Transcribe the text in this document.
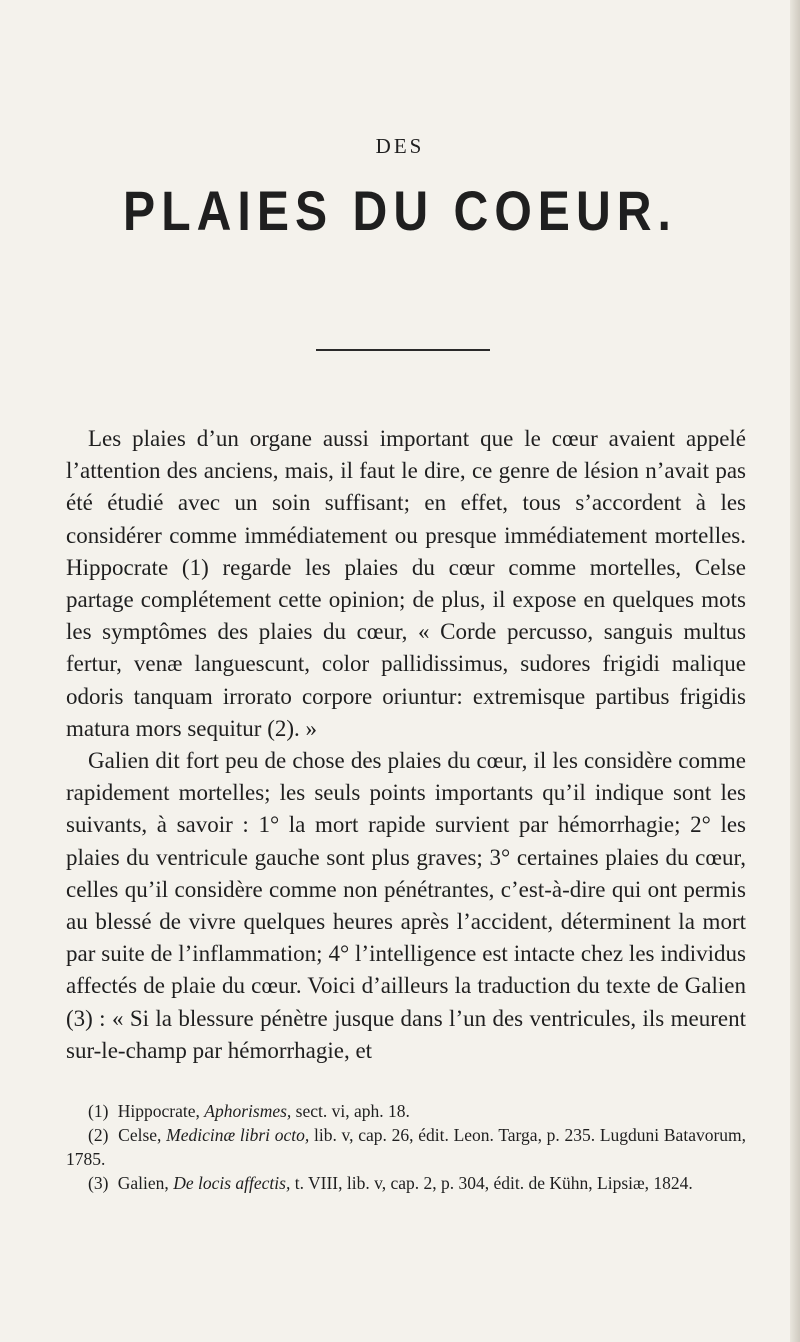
DES
PLAIES DU COEUR.

Les plaies d’un organe aussi important que le cœur avaient appelé l’attention des anciens, mais, il faut le dire, ce genre de lésion n’avait pas été étudié avec un soin suffisant; en effet, tous s’accordent à les considérer comme immédiatement ou presque immédiatement mortelles. Hippocrate (1) regarde les plaies du cœur comme mortelles, Celse partage complétement cette opinion; de plus, il expose en quelques mots les symptômes des plaies du cœur, « Corde percusso, sanguis multus fertur, venæ languescunt, color pallidissimus, sudores frigidi malique odoris tanquam irrorato corpore oriuntur: extremisque partibus frigidis matura mors sequitur (2). »

Galien dit fort peu de chose des plaies du cœur, il les considère comme rapidement mortelles; les seuls points importants qu’il indique sont les suivants, à savoir : 1° la mort rapide survient par hémorrhagie; 2° les plaies du ventricule gauche sont plus graves; 3° certaines plaies du cœur, celles qu’il considère comme non pénétrantes, c’est-à-dire qui ont permis au blessé de vivre quelques heures après l’accident, déterminent la mort par suite de l’inflammation; 4° l’intelligence est intacte chez les individus affectés de plaie du cœur. Voici d’ailleurs la traduction du texte de Galien (3) : « Si la blessure pénètre jusque dans l’un des ventricules, ils meurent sur-le-champ par hémorrhagie, et

(1) Hippocrate, Aphorismes, sect. vi, aph. 18.

(2) Celse, Medicinæ libri octo, lib. v, cap. 26, édit. Leon. Targa, p. 235. Lugduni Batavorum, 1785.

(3) Galien, De locis affectis, t. VIII, lib. v, cap. 2, p. 304, édit. de Kühn, Lipsiæ, 1824.
